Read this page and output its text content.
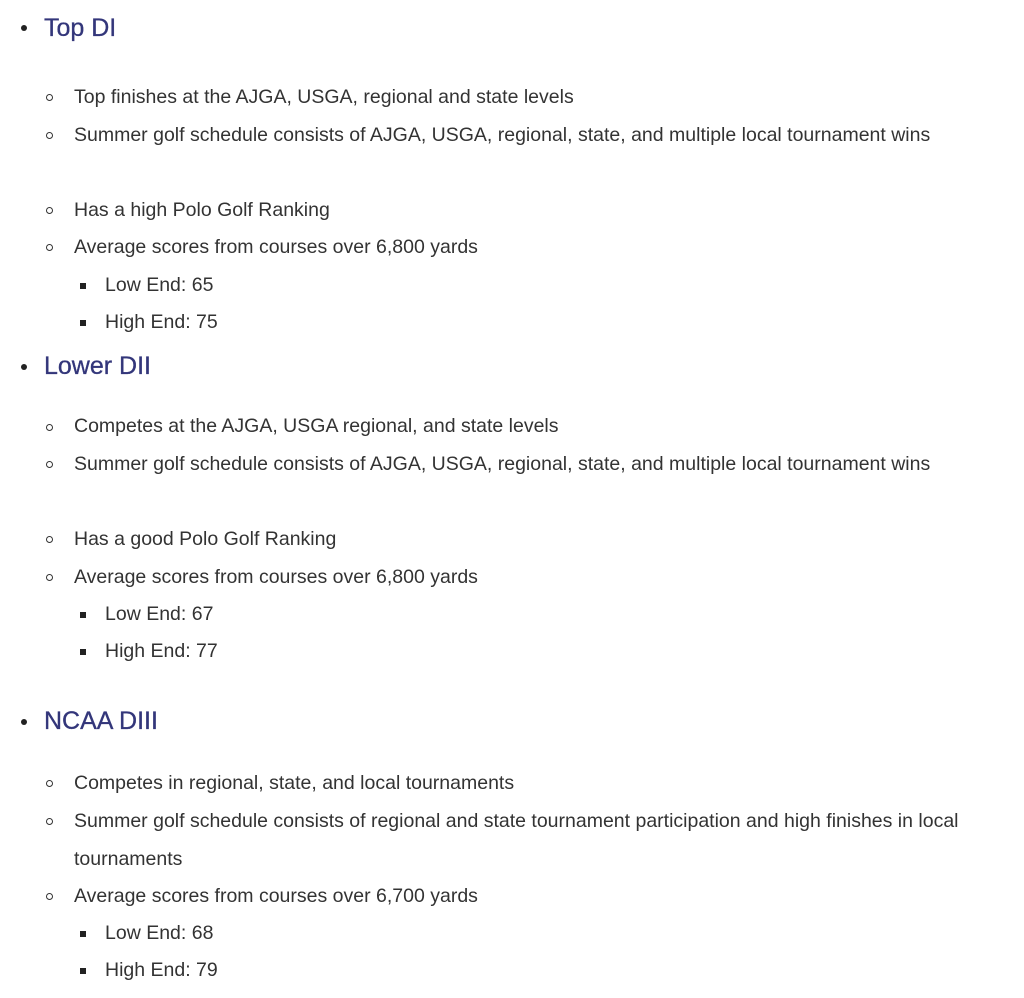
Top DI
Top finishes at the AJGA, USGA, regional and state levels
Summer golf schedule consists of AJGA, USGA, regional, state, and multiple local tournament wins
Has a high Polo Golf Ranking
Average scores from courses over 6,800 yards
Low End: 65
High End: 75
Lower DII
Competes at the AJGA, USGA regional, and state levels
Summer golf schedule consists of AJGA, USGA, regional, state, and multiple local tournament wins
Has a good Polo Golf Ranking
Average scores from courses over 6,800 yards
Low End: 67
High End: 77
NCAA DIII
Competes in regional, state, and local tournaments
Summer golf schedule consists of regional and state tournament participation and high finishes in local tournaments
Average scores from courses over 6,700 yards
Low End: 68
High End: 79
